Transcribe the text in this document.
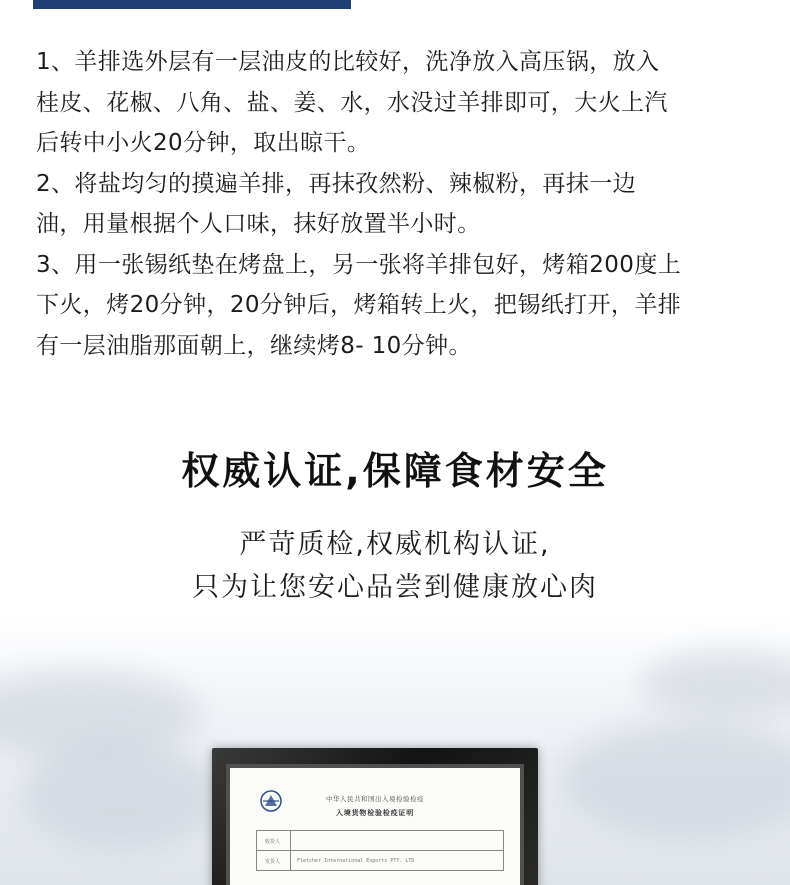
1、羊排选外层有一层油皮的比较好，洗净放入高压锅，放入
桂皮、花椒、八角、盐、姜、水，水没过羊排即可，大火上汽
后转中小火20分钟，取出晾干。
2、将盐均匀的摸遍羊排，再抹孜然粉、辣椒粉，再抹一边
油，用量根据个人口味，抹好放置半小时。
3、用一张锡纸垫在烤盘上，另一张将羊排包好，烤箱200度上
下火，烤20分钟，20分钟后，烤箱转上火，把锡纸打开，羊排
有一层油脂那面朝上，继续烤8- 10分钟。
权威认证,保障食材安全
严苛质检,权威机构认证,
只为让您安心品尝到健康放心肉
中华人民共和国出入境检验检疫
入境货物检验检疫证明
收货人
发货人	Fletcher International Exports PTY. LTD
